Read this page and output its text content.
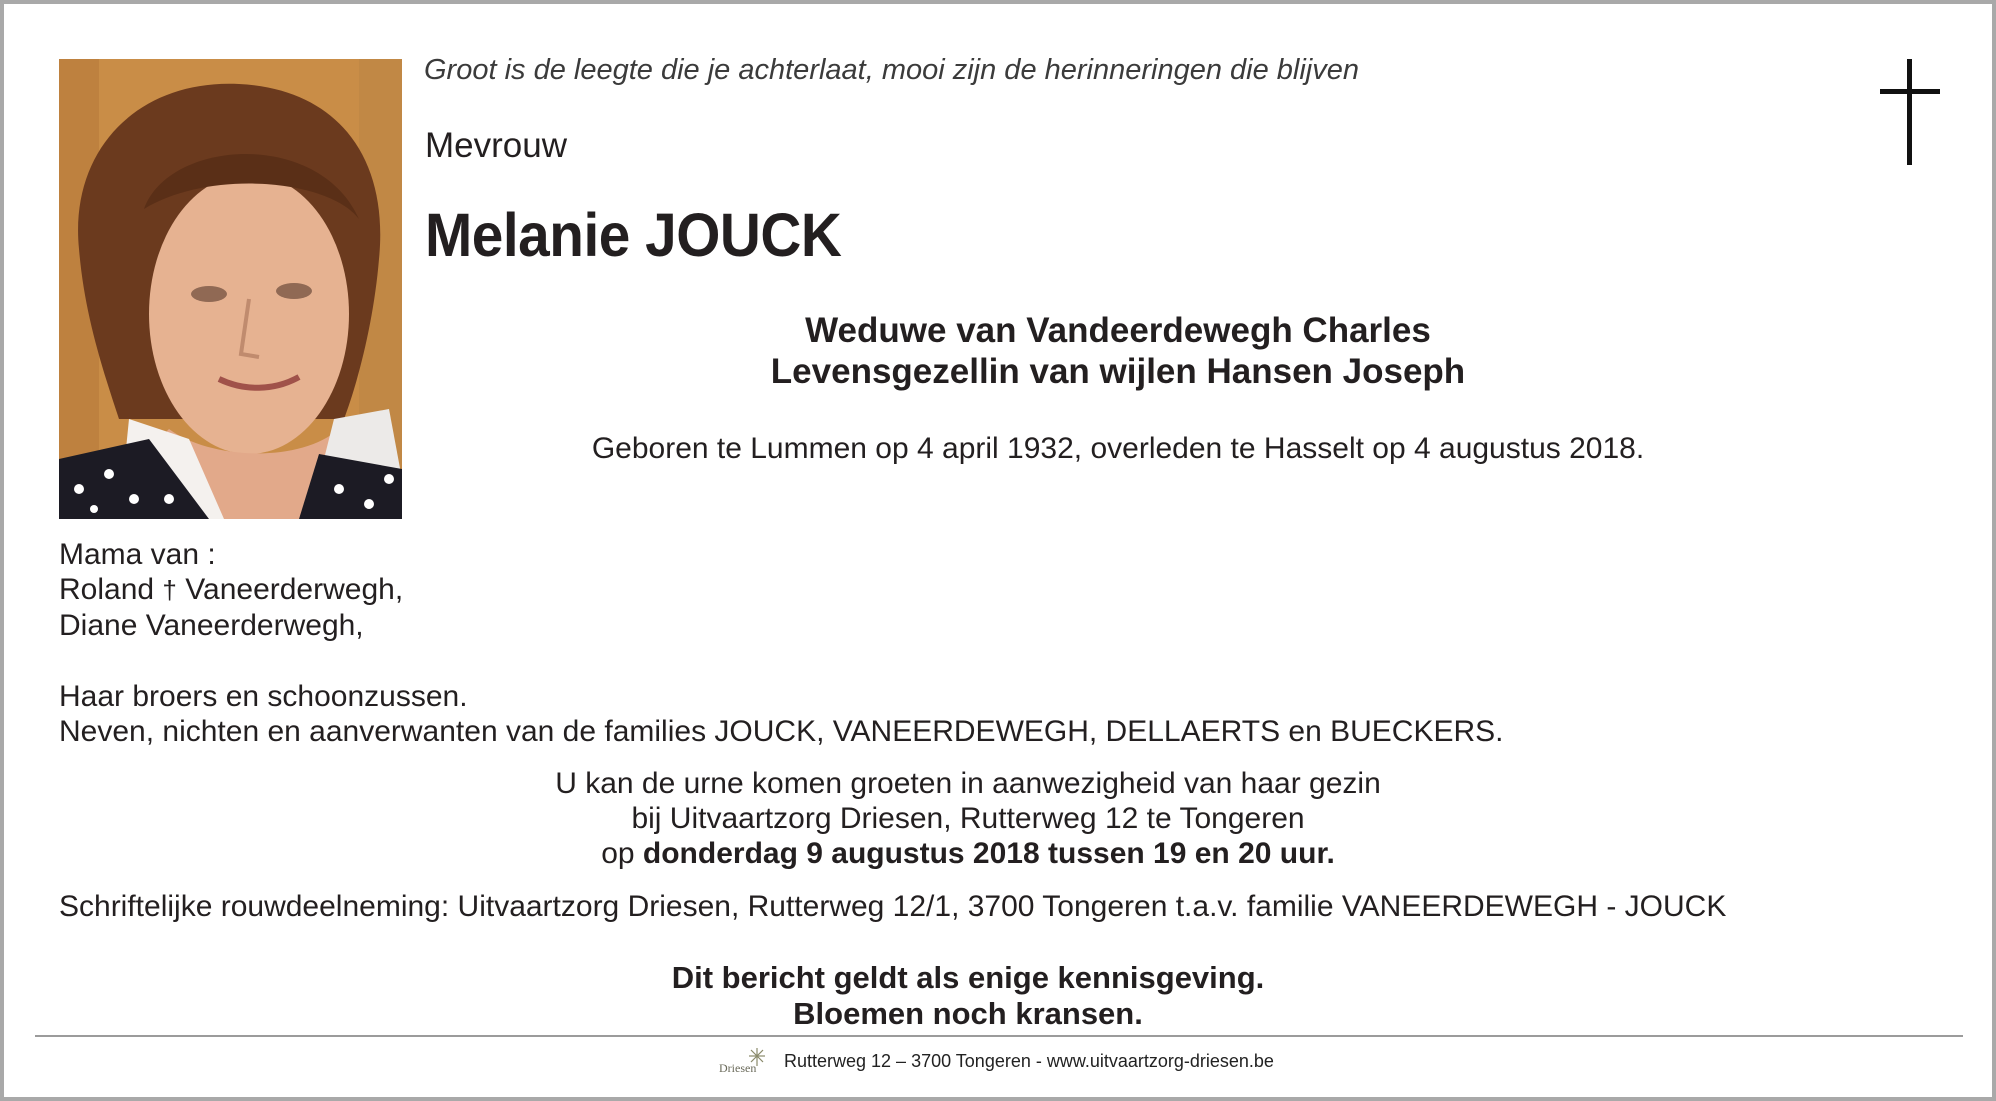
Groot is de leegte die je achterlaat, mooi zijn de herinneringen die blijven
Mevrouw
Melanie JOUCK
Weduwe van Vandeerdewegh Charles
Levensgezellin van wijlen Hansen Joseph
Geboren te Lummen op 4 april 1932, overleden te Hasselt op 4 augustus 2018.
Mama van :
Roland † Vaneerderwegh,
Diane Vaneerderwegh,
Haar broers en schoonzussen.
Neven, nichten en aanverwanten van de families JOUCK, VANEERDEWEGH, DELLAERTS en BUECKERS.
U kan de urne komen groeten in aanwezigheid van haar gezin
bij Uitvaartzorg Driesen, Rutterweg 12 te Tongeren
op donderdag 9 augustus 2018 tussen 19 en 20 uur.
Schriftelijke rouwdeelneming: Uitvaartzorg Driesen, Rutterweg 12/1, 3700 Tongeren t.a.v. familie VANEERDEWEGH - JOUCK
Dit bericht geldt als enige kennisgeving.
Bloemen noch kransen.
Driesen Rutterweg 12 – 3700 Tongeren - www.uitvaartzorg-driesen.be
